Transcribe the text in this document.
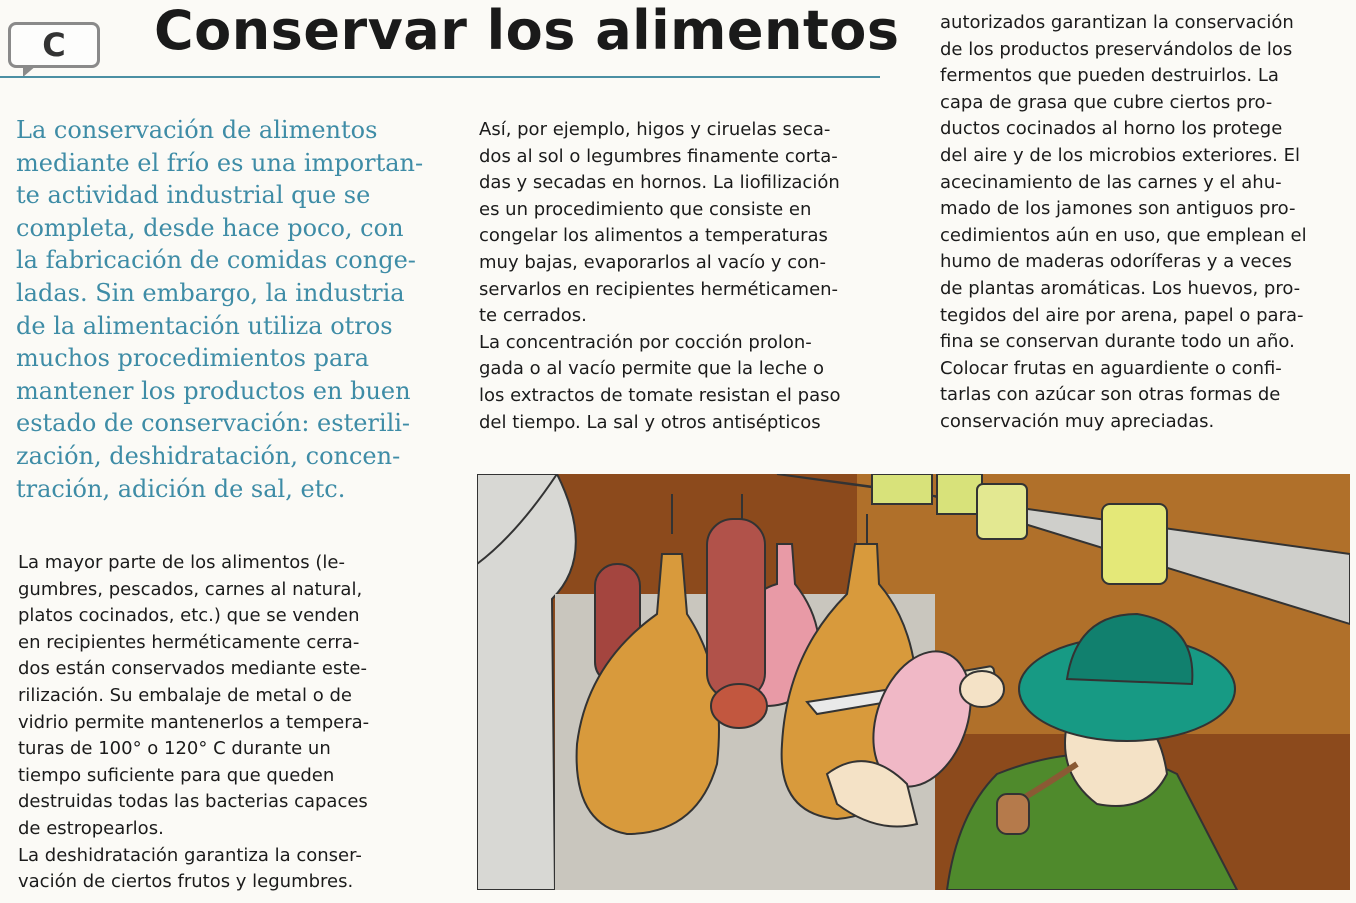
C	Conservar los alimentos
La conservación de alimentos
mediante el frío es una importan-
te actividad industrial que se
completa, desde hace poco, con
la fabricación de comidas conge-
ladas. Sin embargo, la industria
de la alimentación utiliza otros
muchos procedimientos para
mantener los productos en buen
estado de conservación: esterili-
zación, deshidratación, concen-
tración, adición de sal, etc.
La mayor parte de los alimentos (le-
gumbres, pescados, carnes al natural,
platos cocinados, etc.) que se venden
en recipientes herméticamente cerra-
dos están conservados mediante este-
rilización. Su embalaje de metal o de
vidrio permite mantenerlos a tempera-
turas de 100° o 120° C durante un
tiempo suficiente para que queden
destruidas todas las bacterias capaces
de estropearlos.
La deshidratación garantiza la conser-
vación de ciertos frutos y legumbres.
Así, por ejemplo, higos y ciruelas seca-
dos al sol o legumbres finamente corta-
das y secadas en hornos. La liofilización
es un procedimiento que consiste en
congelar los alimentos a temperaturas
muy bajas, evaporarlos al vacío y con-
servarlos en recipientes herméticamen-
te cerrados.
La concentración por cocción prolon-
gada o al vacío permite que la leche o
los extractos de tomate resistan el paso
del tiempo. La sal y otros antisépticos
autorizados garantizan la conservación
de los productos preservándolos de los
fermentos que pueden destruirlos. La
capa de grasa que cubre ciertos pro-
ductos cocinados al horno los protege
del aire y de los microbios exteriores. El
acecinamiento de las carnes y el ahu-
mado de los jamones son antiguos pro-
cedimientos aún en uso, que emplean el
humo de maderas odoríferas y a veces
de plantas aromáticas. Los huevos, pro-
tegidos del aire por arena, papel o para-
fina se conservan durante todo un año.
Colocar frutas en aguardiente o confi-
tarlas con azúcar son otras formas de
conservación muy apreciadas.
